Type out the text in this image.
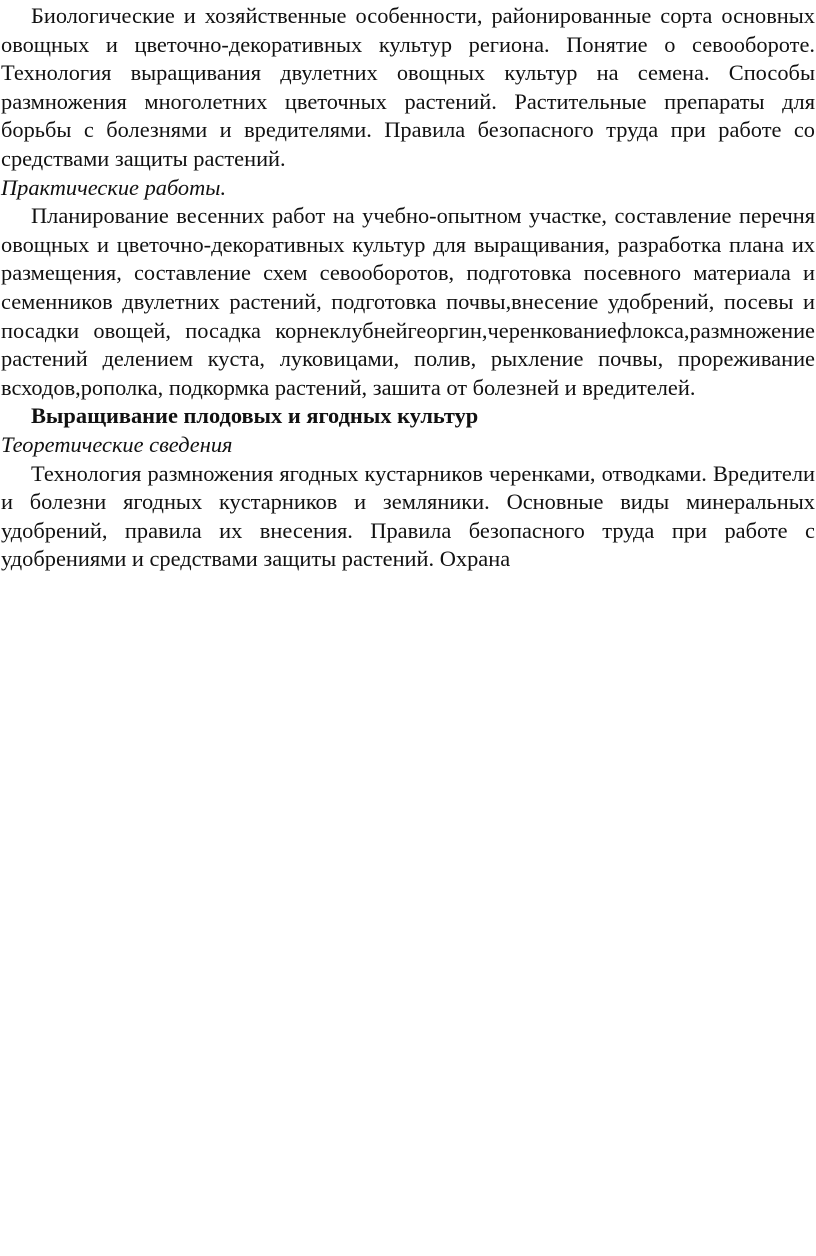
Биологические и хозяйственные особенности, районированные сорта основных овощных и цветочно-декоративных культур региона. Понятие о севообороте. Технология выращивания двулетних овощных культур на семена. Способы размножения многолетних цветочных растений. Растительные препараты для борьбы с болезнями и вредителями. Правила безопасного труда при работе со средствами защиты растений.

Практические работы.

Планирование весенних работ на учебно-опытном участке, составление перечня овощных и цветочно-декоративных культур для выращивания, разработка плана их размещения, составление схем севооборотов, подготовка посевного материала и семенников двулетних растений, подготовка почвы,внесение удобрений, посевы и посадки овощей, посадка корнеклубнейгеоргин,черенкованиефлокса,размножение растений делением куста, луковицами, полив, рыхление почвы, прореживание всходов,рополка, подкормка растений, зашита от болезней и вредителей.

Выращивание плодовых и ягодных культур

Теоретические сведения

Технология размножения ягодных кустарников черенками, отводками. Вредители и болезни ягодных кустарников и земляники. Основные виды минеральных удобрений, правила их внесения. Правила безопасного труда при работе с удобрениями и средствами защиты растений. Охрана
